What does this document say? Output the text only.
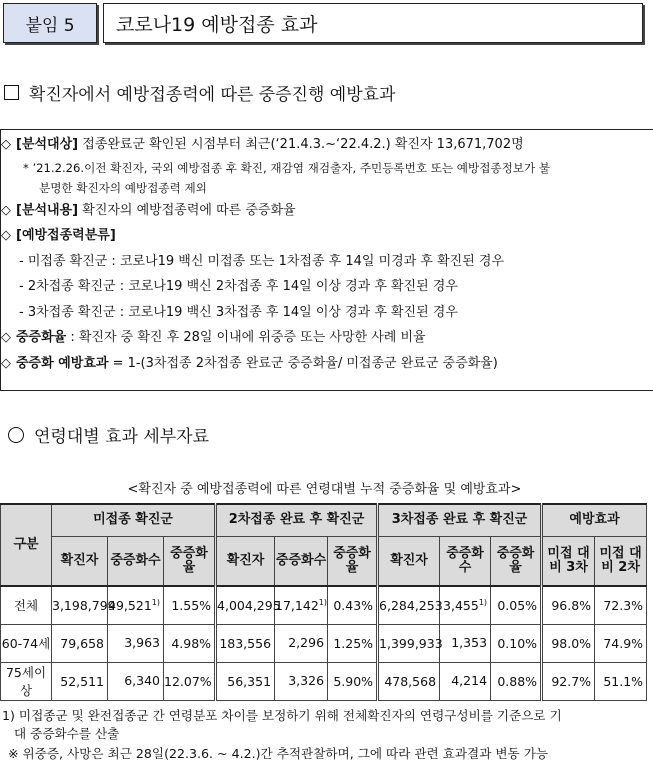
붙임 5	코로나19 예방접종 효과
확진자에서 예방접종력에 따른 중증진행 예방효과
◇ [분석대상] 접종완료군 확인된 시점부터 최근(‘21.4.3.~‘22.4.2.) 확진자 13,671,702명
* ’21.2.26.이전 확진자, 국외 예방접종 후 확진, 재감염 재검출자, 주민등록번호 또는 예방접종정보가 불
분명한 확진자의 예방접종력 제외
◇ [분석내용] 확진자의 예방접종력에 따른 중증화율
◇ [예방접종력분류]
- 미접종 확진군 : 코로나19 백신 미접종 또는 1차접종 후 14일 미경과 후 확진된 경우
- 2차접종 확진군 : 코로나19 백신 2차접종 후 14일 이상 경과 후 확진된 경우
- 3차접종 확진군 : 코로나19 백신 3차접종 후 14일 이상 경과 후 확진된 경우
◇ 중증화율 : 확진자 중 확진 후 28일 이내에 위중증 또는 사망한 사례 비율
◇ 중증화 예방효과 = 1-(3차접종 2차접종 완료군 중증화율/ 미접종군 완료군 중증화율)
연령대별 효과 세부자료
<확진자 중 예방접종력에 따른 연령대별 누적 중증화율 및 예방효과>
구분	미접종 확진군			2차접종 완료 후 확진군			3차접종 완료 후 확진군			예방효과	
	확진자	중증화수	중증화율	확진자	중증화수	중증화율	확진자	중증화수	중증화율	미접 대비 3차	미접 대비 2차
전체	3,198,799	49,521$^{1)}$	1.55%	4,004,295	17,142$^{1)}$	0.43%	6,284,253	3,455$^{1)}$	0.05%	96.8%	72.3%
60-74세	79,658	3,963	4.98%	183,556	2,296	1.25%	1,399,933	1,353	0.10%	98.0%	74.9%
75세이상	52,511	6,340	12.07%	56,351	3,326	5.90%	478,568	4,214	0.88%	92.7%	51.1%
1) 미접종군 및 완전접종군 간 연령분포 차이를 보정하기 위해 전체확진자의 연령구성비를 기준으로 기
대 중증화수를 산출
※ 위중증, 사망은 최근 28일(22.3.6. ~ 4.2.)간 추적관찰하며, 그에 따라 관련 효과결과 변동 가능
